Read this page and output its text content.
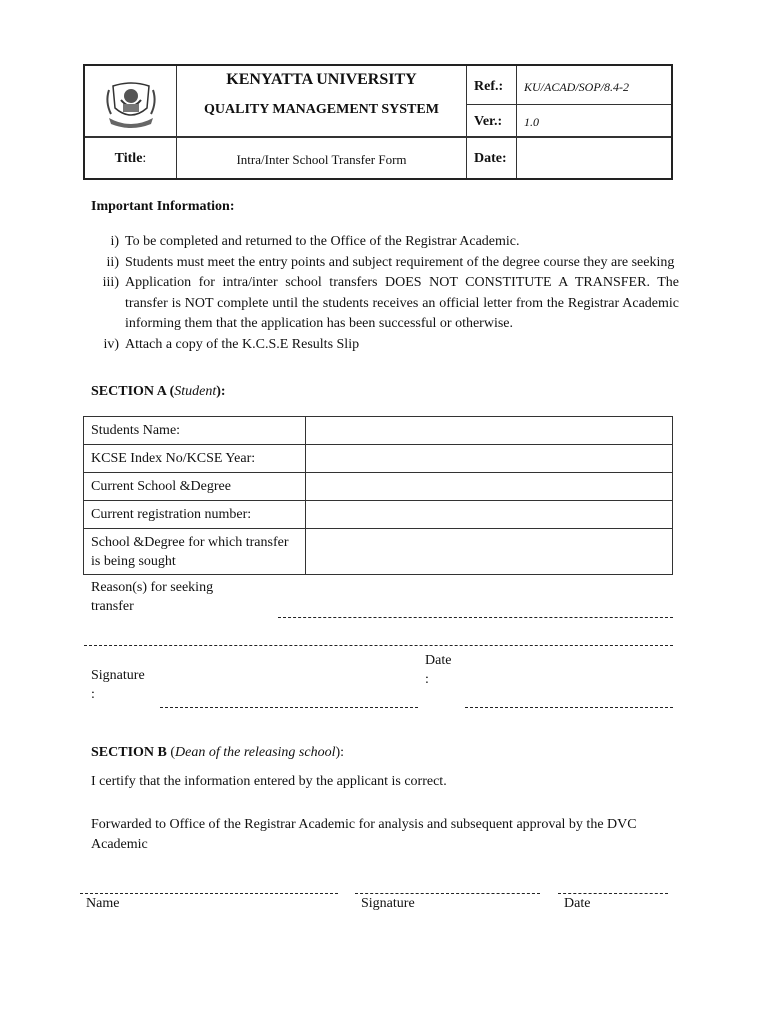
KENYATTA UNIVERSITY
QUALITY MANAGEMENT SYSTEM
Ref.: KU/ACAD/SOP/8.4-2
Ver.: 1.0
Title:	Intra/Inter School Transfer Form	Date:
Important Information:
i) To be completed and returned to the Office of the Registrar Academic.
ii) Students must meet the entry points and subject requirement of the degree course they are seeking
iii) Application for intra/inter school transfers DOES NOT CONSTITUTE A TRANSFER. The transfer is NOT complete until the students receives an official letter from the Registrar Academic informing them that the application has been successful or otherwise.
iv) Attach a copy of the K.C.S.E Results Slip
SECTION A (Student):
Students Name:	
KCSE Index No/KCSE Year:	
Current School &Degree	
Current registration number:	
School &Degree for which transfer is being sought	
Reason(s) for seeking transfer
Signature
:
Date
:
SECTION B (Dean of the releasing school):
I certify that the information entered by the applicant is correct.
Forwarded to Office of the Registrar Academic for analysis and subsequent approval by the DVC Academic
Name	Signature	Date
